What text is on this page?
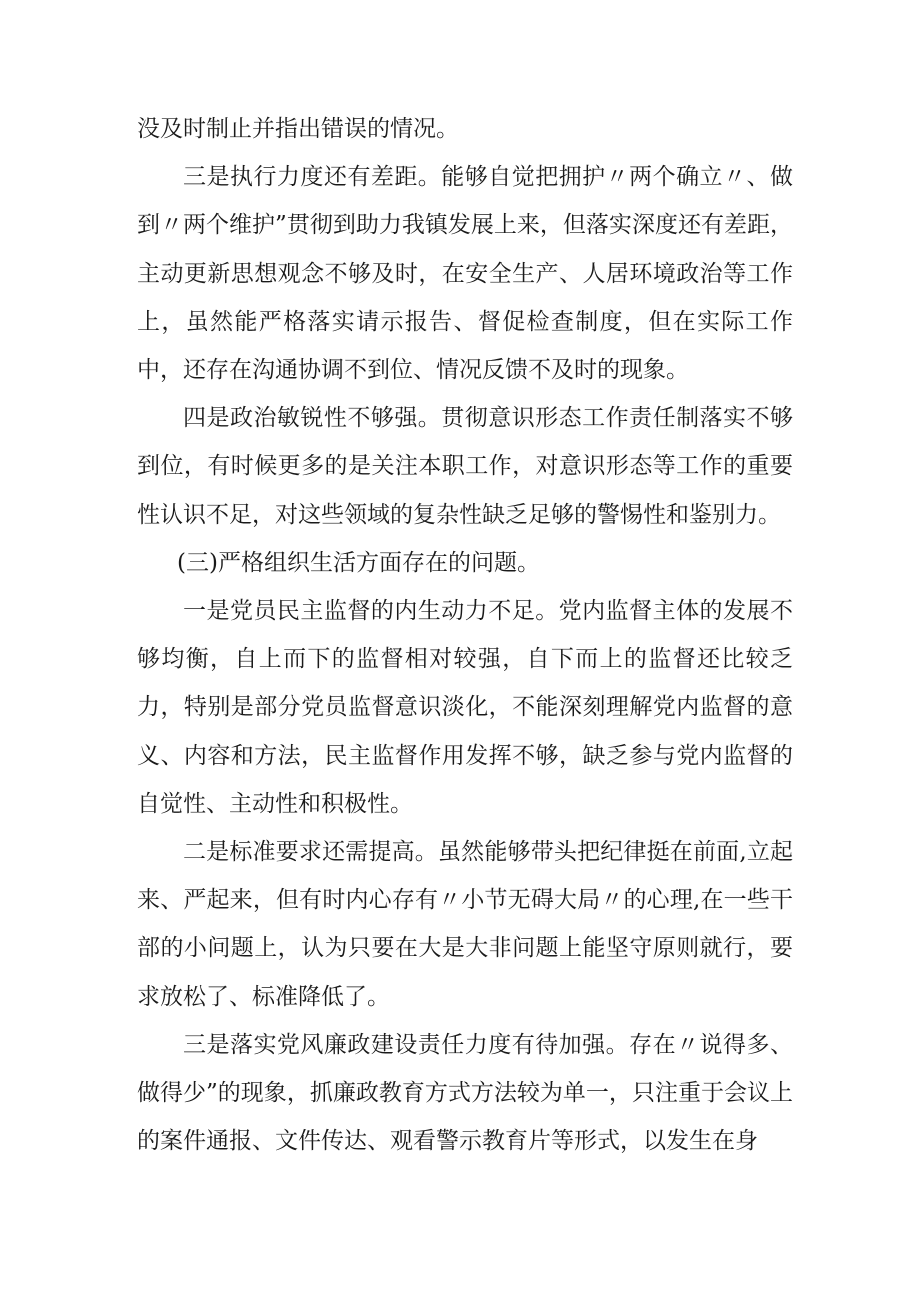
没及时制止并指出错误的情况。

三是执行力度还有差距。能够自觉把拥护〃两个确立〃、做到〃两个维护”贯彻到助力我镇发展上来，但落实深度还有差距，主动更新思想观念不够及时，在安全生产、人居环境政治等工作上，虽然能严格落实请示报告、督促检查制度，但在实际工作中，还存在沟通协调不到位、情况反馈不及时的现象。

四是政治敏锐性不够强。贯彻意识形态工作责任制落实不够到位，有时候更多的是关注本职工作，对意识形态等工作的重要性认识不足，对这些领域的复杂性缺乏足够的警惕性和鉴别力。

(三)严格组织生活方面存在的问题。

一是党员民主监督的内生动力不足。党内监督主体的发展不够均衡，自上而下的监督相对较强，自下而上的监督还比较乏力，特别是部分党员监督意识淡化，不能深刻理解党内监督的意义、内容和方法，民主监督作用发挥不够，缺乏参与党内监督的自觉性、主动性和积极性。

二是标准要求还需提高。虽然能够带头把纪律挺在前面,立起来、严起来，但有时内心存有〃小节无碍大局〃的心理,在一些干部的小问题上，认为只要在大是大非问题上能坚守原则就行，要求放松了、标准降低了。

三是落实党风廉政建设责任力度有待加强。存在〃说得多、做得少”的现象，抓廉政教育方式方法较为单一，只注重于会议上的案件通报、文件传达、观看警示教育片等形式，以发生在身
